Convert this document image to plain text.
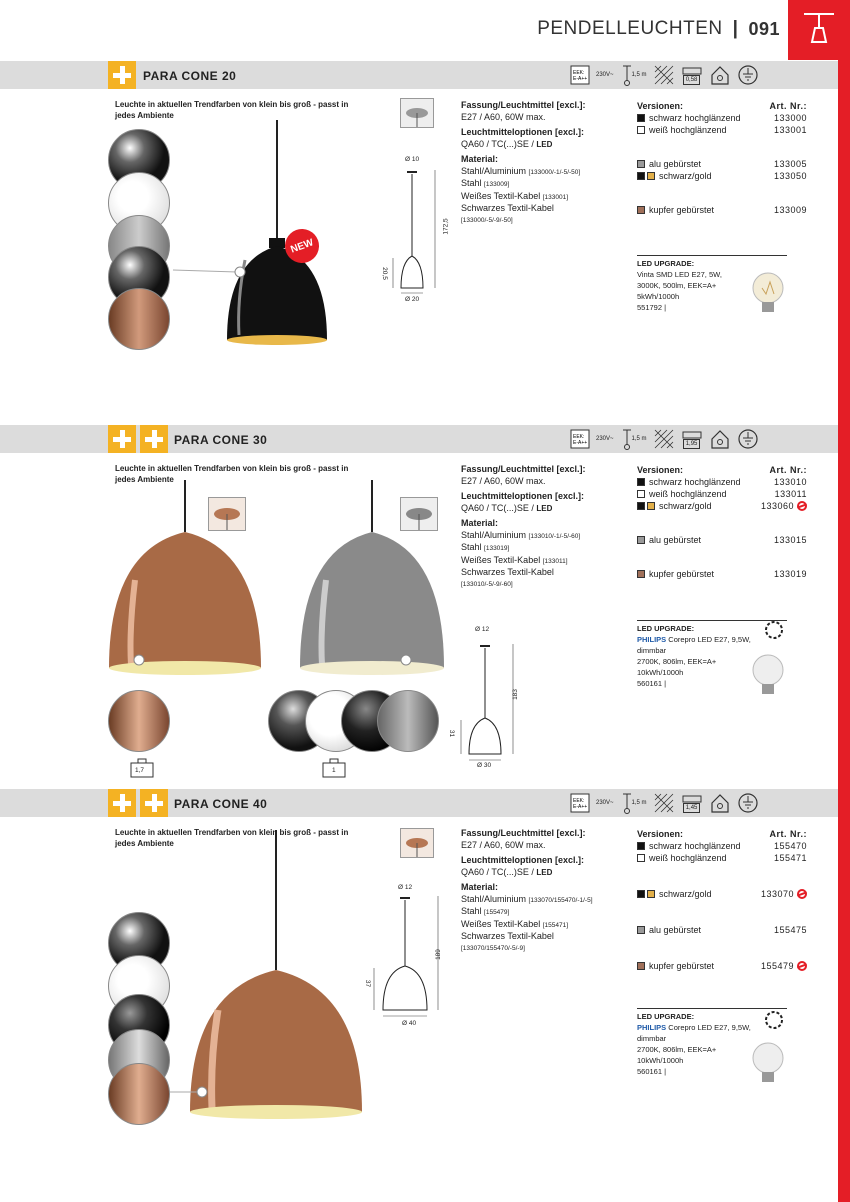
PENDELLEUCHTEN | 091
PARA CONE 20	EEK:
E-A++
230V~	1,5 m
0,58
Leuchte in aktuellen Trendfarben von klein bis groß - passt in jedes Ambiente
NEW
Ø 10
172,5
20,5
Ø 20
Fassung/Leuchtmittel [excl.]:
E27 / A60, 60W max.
Leuchtmitteloptionen [excl.]:
QA60 / TC(...)SE / LED
Material:
Stahl/Aluminium [133000/-1/-5/-50]
Stahl [133009]
Weißes Textil-Kabel [133001]
Schwarzes Textil-Kabel
[133000/-5/-9/-50]
Versionen:	Art. Nr.:
schwarz hochglänzend	133000
weiß hochglänzend	133001
alu gebürstet	133005
schwarz/gold	133050
kupfer gebürstet	133009
LED UPGRADE:
Vinta SMD LED E27, 5W,
3000K, 500lm, EEK=A+
5kWh/1000h
551792 |
PARA CONE 30	EEK:
E-A++
230V~	1,5 m
1,95
Leuchte in aktuellen Trendfarben von klein bis groß - passt in jedes Ambiente
1,7	1
Ø 12
183
31
Ø 30
Fassung/Leuchtmittel [excl.]:
E27 / A60, 60W max.
Leuchtmitteloptionen [excl.]:
QA60 / TC(...)SE / LED
Material:
Stahl/Aluminium [133010/-1/-5/-60]
Stahl [133019]
Weißes Textil-Kabel [133011]
Schwarzes Textil-Kabel
[133010/-5/-9/-60]
Versionen:	Art. Nr.:
schwarz hochglänzend	133010
weiß hochglänzend	133011
schwarz/gold	133060
alu gebürstet	133015
kupfer gebürstet	133019
LED UPGRADE:
PHILIPS Corepro LED E27, 9,5W,
dimmbar
2700K, 806lm, EEK=A+
10kWh/1000h
560161 |
PARA CONE 40	EEK:
E-A++
230V~	1,5 m
1,45
Leuchte in aktuellen Trendfarben von klein bis groß - passt in jedes Ambiente
Ø 12
189
37
Ø 40
Fassung/Leuchtmittel [excl.]:
E27 / A60, 60W max.
Leuchtmitteloptionen [excl.]:
QA60 / TC(...)SE / LED
Material:
Stahl/Aluminium [133070/155470/-1/-5]
Stahl [155479]
Weißes Textil-Kabel [155471]
Schwarzes Textil-Kabel
[133070/155470/-5/-9]
Versionen:	Art. Nr.:
schwarz hochglänzend	155470
weiß hochglänzend	155471
schwarz/gold	133070
alu gebürstet	155475
kupfer gebürstet	155479
LED UPGRADE:
PHILIPS Corepro LED E27, 9,5W,
dimmbar
2700K, 806lm, EEK=A+
10kWh/1000h
560161 |
